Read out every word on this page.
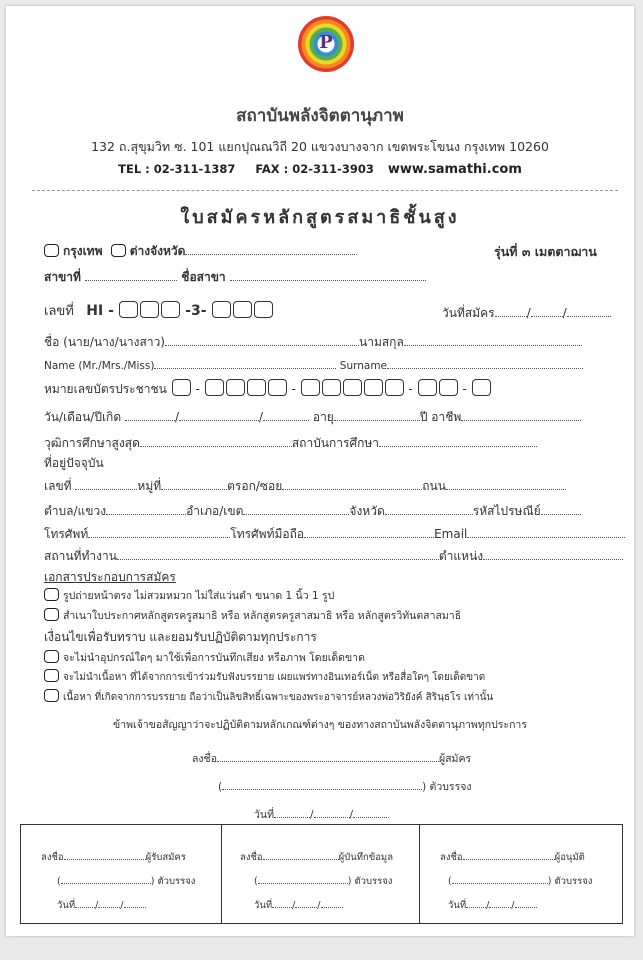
P
สถาบันพลังจิตตานุภาพ
132 ถ.สุขุมวิท ซ. 101 แยกปุณณวิถี 20 แขวงบางจาก เขตพระโขนง กรุงเทพ 10260
TEL : 02-311-1387 FAX : 02-311-3903 www.samathi.com
ใบสมัครหลักสูตรสมาธิชั้นสูง
กรุงเทพ ต่างจังหวัด	รุ่นที่ ๓ เมตตาฌาน
สาขาที่	ชื่อสาขา
เลขที่ HI -	-3-	วันที่สมัคร	/	/
ชื่อ (นาย/นาง/นางสาว)	นามสกุล
Name (Mr./Mrs./Miss)	Surname
หมายเลขบัตรประชาชน  -	-	-	-
วัน/เดือน/ปีเกิด	/	/	อายุ	ปี อาชีพ
วุฒิการศึกษาสูงสุด	สถาบันการศึกษา
ที่อยู่ปัจจุบัน
เลขที่	หมู่ที่	ตรอก/ซอย	ถนน
ตำบล/แขวง	อำเภอ/เขต	จังหวัด	รหัสไปรษณีย์
โทรศัพท์	โทรศัพท์มือถือ	Email
สถานที่ทำงาน	ตำแหน่ง
เอกสารประกอบการสมัคร
รูปถ่ายหน้าตรง ไม่สวมหมวก ไม่ใส่แว่นดำ ขนาด 1 นิ้ว 1 รูป
สำเนาใบประกาศหลักสูตรครูสมาธิ หรือ หลักสูตรครูสาสมาธิ หรือ หลักสูตรวิทันตสาสมาธิ
เงื่อนไขเพื่อรับทราบ และยอมรับปฏิบัติตามทุกประการ
จะไม่นำอุปกรณ์ใดๆ มาใช้เพื่อการบันทึกเสียง หรือภาพ โดยเด็ดขาด
จะไม่นำเนื้อหา ที่ได้จากการเข้าร่วมรับฟังบรรยาย เผยแพร่ทางอินเทอร์เน็ต หรือสื่อใดๆ โดยเด็ดขาด
เนื้อหา ที่เกิดจากการบรรยาย ถือว่าเป็นลิขสิทธิ์เฉพาะของพระอาจารย์หลวงพ่อวิริยังค์ สิรินฺธโร เท่านั้น
ข้าพเจ้าขอสัญญาว่าจะปฏิบัติตามหลักเกณฑ์ต่างๆ ของทางสถาบันพลังจิตตานุภาพทุกประการ
ลงชื่อ	ผู้สมัคร
(	) ตัวบรรจง
วันที่	/	/
ลงชื่อ	ผู้รับสมัคร
(	) ตัวบรรจง
วันที่ / /
ลงชื่อ	ผู้บันทึกข้อมูล
(	) ตัวบรรจง
วันที่ / /
ลงชื่อ	ผู้อนุมัติ
(	) ตัวบรรจง
วันที่ / /
